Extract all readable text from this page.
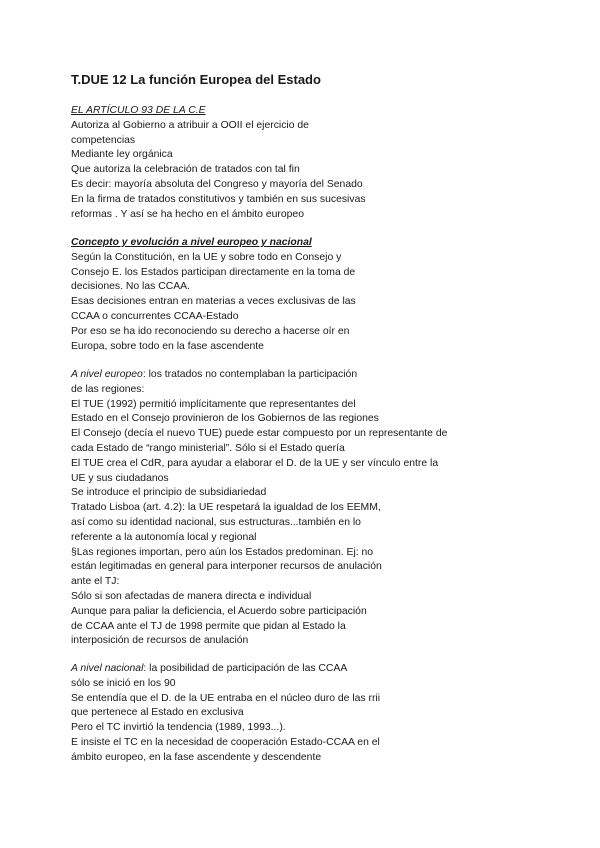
T.DUE 12 La función Europea del Estado
EL ARTÍCULO 93 DE LA C.E
Autoriza al Gobierno a atribuir a OOII el ejercicio de
competencias
Mediante ley orgánica
Que autoriza la celebración de tratados con tal fin
Es decir: mayoría absoluta del Congreso y mayoría del Senado
En la firma de tratados constitutivos y también en sus sucesivas
reformas . Y así se ha hecho en el ámbito europeo
Concepto y evolución a nivel europeo y nacional
Según la Constitución, en la UE y sobre todo en Consejo y
Consejo E. los Estados participan directamente en la toma de
decisiones. No las CCAA.
Esas decisiones entran en materias a veces exclusivas de las
CCAA o concurrentes CCAA-Estado
Por eso se ha ido reconociendo su derecho a hacerse oír en
Europa, sobre todo en la fase ascendente
A nivel europeo: los tratados no contemplaban la participación
de las regiones:
El TUE (1992) permitió implícitamente que representantes del
Estado en el Consejo provinieron de los Gobiernos de las regiones
El Consejo (decía el nuevo TUE) puede estar compuesto por un representante de
cada Estado de “rango ministerial”. Sólo si el Estado quería
El TUE crea el CdR, para ayudar a elaborar el D. de la UE y ser vínculo entre la
UE y sus ciudadanos
Se introduce el principio de subsidiariedad
Tratado Lisboa (art. 4.2): la UE respetará la igualdad de los EEMM,
así como su identidad nacional, sus estructuras...también en lo
referente a la autonomía local y regional
§Las regiones importan, pero aún los Estados predominan. Ej: no
están legitimadas en general para interponer recursos de anulación
ante el TJ:
Sólo si son afectadas de manera directa e individual
Aunque para paliar la deficiencia, el Acuerdo sobre participación
de CCAA ante el TJ de 1998 permite que pidan al Estado la
interposición de recursos de anulación
A nivel nacional: la posibilidad de participación de las CCAA
sólo se inició en los 90
Se entendía que el D. de la UE entraba en el núcleo duro de las rrii
que pertenece al Estado en exclusiva
Pero el TC invirtió la tendencia (1989, 1993...).
E insiste el TC en la necesidad de cooperación Estado-CCAA en el
ámbito europeo, en la fase ascendente y descendente
